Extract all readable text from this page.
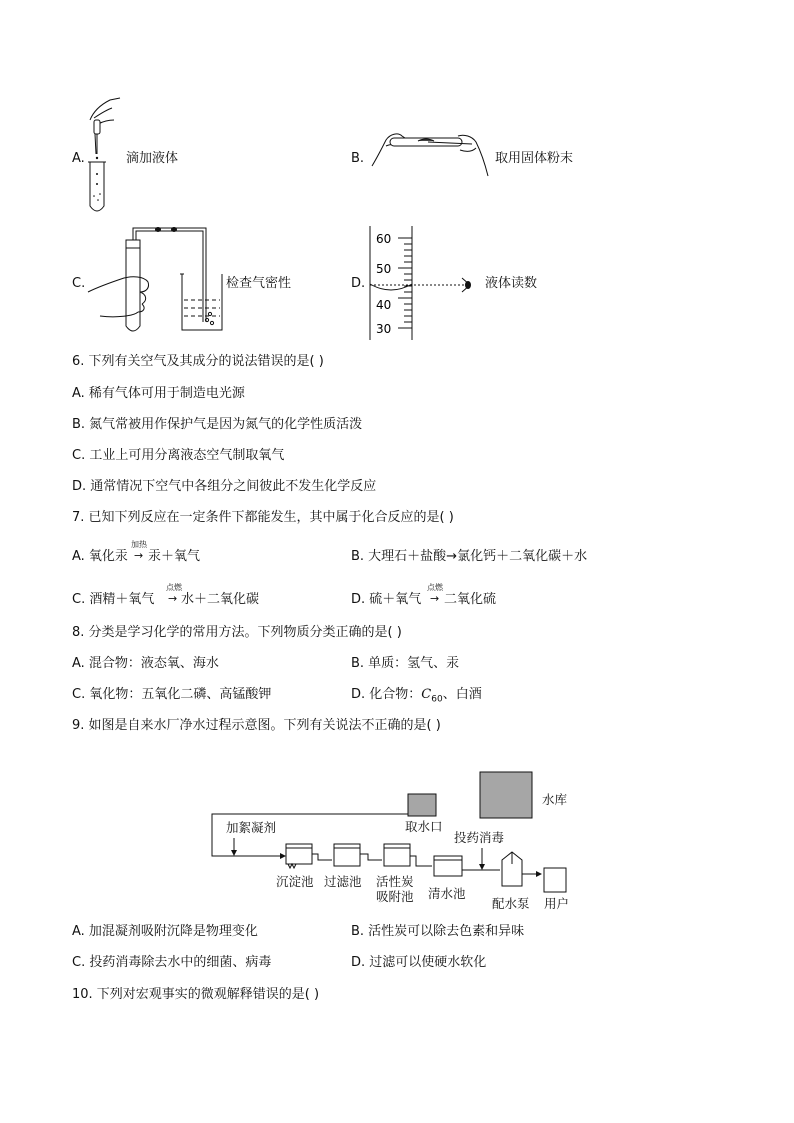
A.	滴加液体	B.	取用固体粉末
C.	检查气密性	D.
60
50
40
30
液体读数
6. 下列有关空气及其成分的说法错误的是( )
A. 稀有气体可用于制造电光源
B. 氮气常被用作保护气是因为氮气的化学性质活泼
C. 工业上可用分离液态空气制取氧气
D. 通常情况下空气中各组分之间彼此不发生化学反应
7. 已知下列反应在一定条件下都能发生，其中属于化合反应的是( )
A. 氧化汞
加热
→ 汞＋氧气	B. 大理石＋盐酸→氯化钙＋二氧化碳＋水
C. 酒精＋氧气
点燃
→ 水＋二氧化碳	D. 硫＋氧气
点燃
→ 二氧化硫
8. 分类是学习化学的常用方法。下列物质分类正确的是( )
A. 混合物：液态氧、海水	B. 单质：氢气、汞
C. 氧化物：五氧化二磷、高锰酸钾	D. 化合物：$C_{60}$、白酒
9. 如图是自来水厂净水过程示意图。下列有关说法不正确的是( )
水库
取水口
加絮凝剂
沉淀池 过滤池 活性炭
吸附池 清水池
投药消毒
配水泵 用户
A. 加混凝剂吸附沉降是物理变化	B. 活性炭可以除去色素和异味
C. 投药消毒除去水中的细菌、病毒	D. 过滤可以使硬水软化
10. 下列对宏观事实的微观解释错误的是( )
